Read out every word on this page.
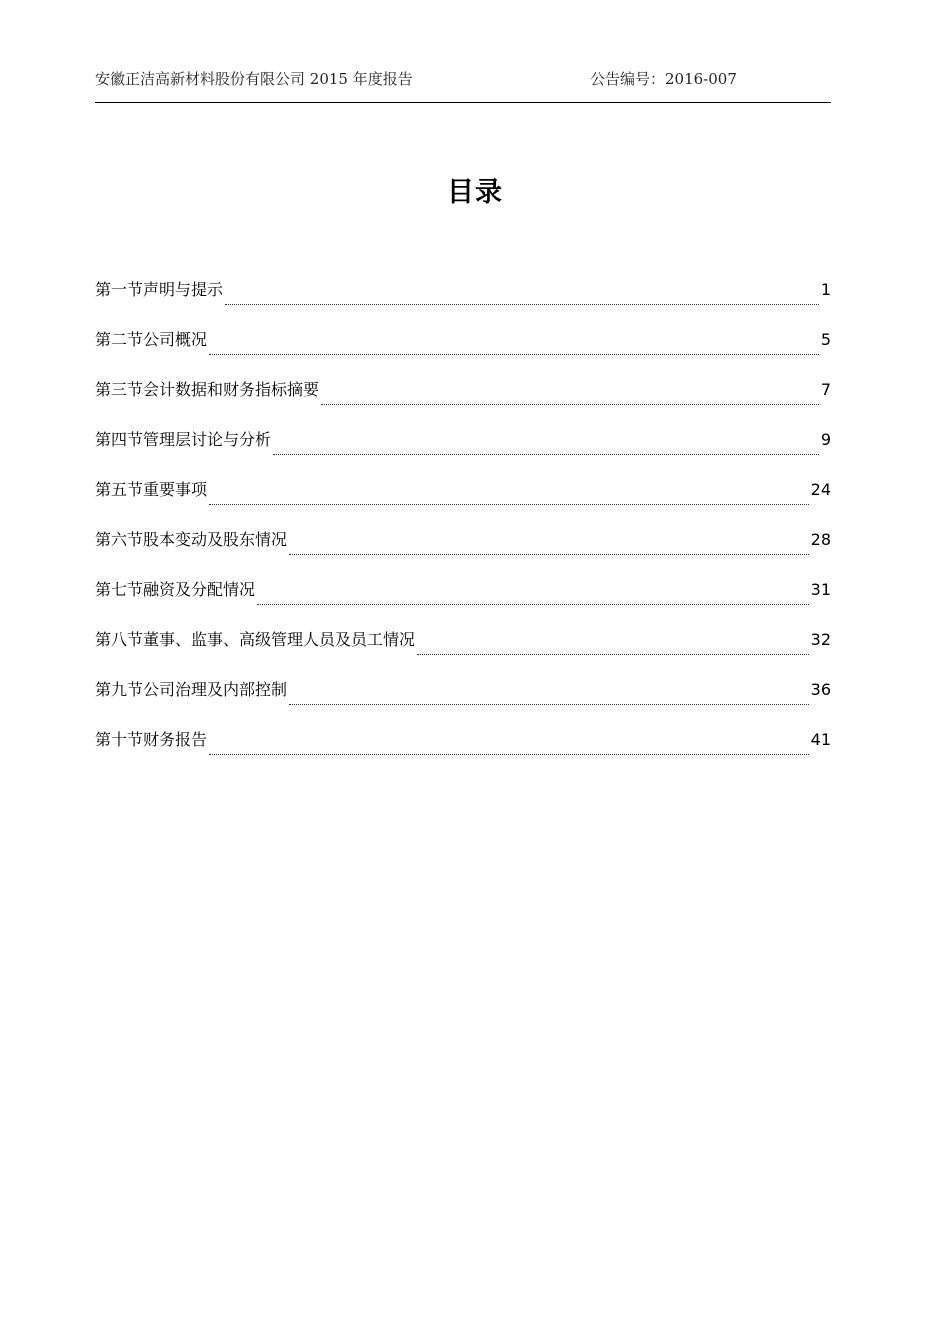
安徽正洁高新材料股份有限公司 2015 年度报告	公告编号：2016-007
目录
第一节声明与提示	1
第二节公司概况	5
第三节会计数据和财务指标摘要	7
第四节管理层讨论与分析	9
第五节重要事项	24
第六节股本变动及股东情况	28
第七节融资及分配情况	31
第八节董事、监事、高级管理人员及员工情况	32
第九节公司治理及内部控制	36
第十节财务报告	41
